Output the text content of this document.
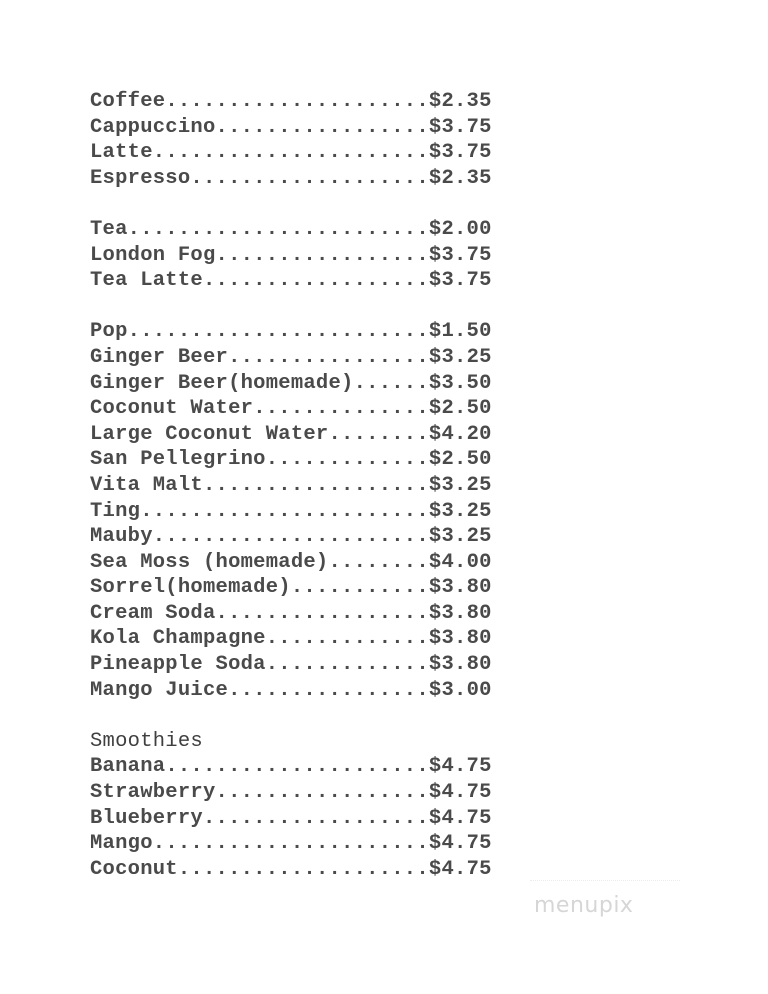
Coffee.....................$2.35
Cappuccino.................$3.75
Latte......................$3.75
Espresso...................$2.35
Tea........................$2.00
London Fog.................$3.75
Tea Latte..................$3.75
Pop........................$1.50
Ginger Beer................$3.25
Ginger Beer(homemade)......$3.50
Coconut Water..............$2.50
Large Coconut Water........$4.20
San Pellegrino.............$2.50
Vita Malt..................$3.25
Ting.......................$3.25
Mauby......................$3.25
Sea Moss (homemade)........$4.00
Sorrel(homemade)...........$3.80
Cream Soda.................$3.80
Kola Champagne.............$3.80
Pineapple Soda.............$3.80
Mango Juice................$3.00
Smoothies
Banana.....................$4.75
Strawberry.................$4.75
Blueberry..................$4.75
Mango......................$4.75
Coconut....................$4.75
menupix
